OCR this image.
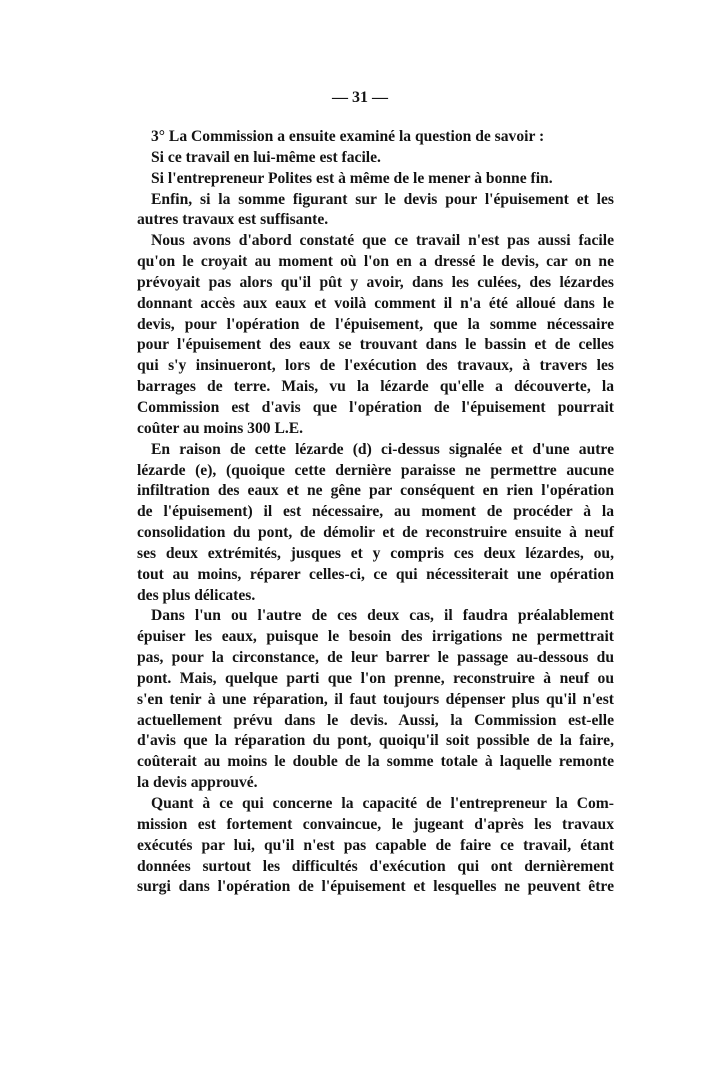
— 31 —
3° La Commission a ensuite examiné la question de savoir :
Si ce travail en lui-même est facile.
Si l'entrepreneur Polites est à même de le mener à bonne fin.
Enfin, si la somme figurant sur le devis pour l'épuisement et les
autres travaux est suffisante.
Nous avons d'abord constaté que ce travail n'est pas aussi facile
qu'on le croyait au moment où l'on en a dressé le devis, car on ne
prévoyait pas alors qu'il pût y avoir, dans les culées, des lézardes
donnant accès aux eaux et voilà comment il n'a été alloué dans le
devis, pour l'opération de l'épuisement, que la somme nécessaire
pour l'épuisement des eaux se trouvant dans le bassin et de celles
qui s'y insinueront, lors de l'exécution des travaux, à travers les
barrages de terre. Mais, vu la lézarde qu'elle a découverte, la
Commission est d'avis que l'opération de l'épuisement pourrait
coûter au moins 300 L.E.
En raison de cette lézarde (d) ci-dessus signalée et d'une autre
lézarde (e), (quoique cette dernière paraisse ne permettre aucune
infiltration des eaux et ne gêne par conséquent en rien l'opération
de l'épuisement) il est nécessaire, au moment de procéder à la
consolidation du pont, de démolir et de reconstruire ensuite à neuf
ses deux extrémités, jusques et y compris ces deux lézardes, ou,
tout au moins, réparer celles-ci, ce qui nécessiterait une opération
des plus délicates.
Dans l'un ou l'autre de ces deux cas, il faudra préalablement
épuiser les eaux, puisque le besoin des irrigations ne permettrait
pas, pour la circonstance, de leur barrer le passage au-dessous du
pont. Mais, quelque parti que l'on prenne, reconstruire à neuf ou
s'en tenir à une réparation, il faut toujours dépenser plus qu'il n'est
actuellement prévu dans le devis. Aussi, la Commission est-elle
d'avis que la réparation du pont, quoiqu'il soit possible de la faire,
coûterait au moins le double de la somme totale à laquelle remonte
la devis approuvé.
Quant à ce qui concerne la capacité de l'entrepreneur la Com-
mission est fortement convaincue, le jugeant d'après les travaux
exécutés par lui, qu'il n'est pas capable de faire ce travail, étant
données surtout les difficultés d'exécution qui ont dernièrement
surgi dans l'opération de l'épuisement et lesquelles ne peuvent être
